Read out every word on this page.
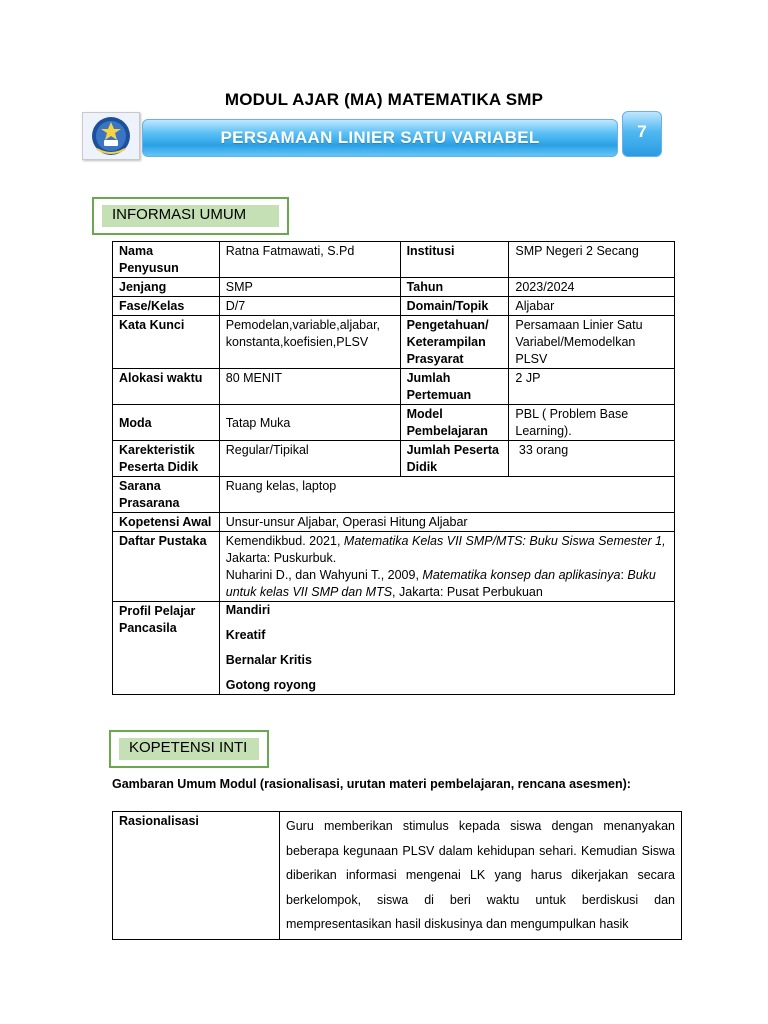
MODUL AJAR (MA) MATEMATIKA SMP
PERSAMAAN LINIER SATU VARIABEL	7
INFORMASI UMUM
Nama Penyusun	Ratna Fatmawati, S.Pd	Institusi	SMP Negeri 2 Secang
Jenjang	SMP	Tahun	2023/2024
Fase/Kelas	D/7	Domain/Topik	Aljabar
Kata Kunci	Pemodelan,variable,aljabar, konstanta,koefisien,PLSV	Pengetahuan/ Keterampilan Prasyarat	Persamaan Linier Satu Variabel/Memodelkan PLSV
Alokasi waktu	80 MENIT	Jumlah Pertemuan	2 JP
Moda	Tatap Muka	Model Pembelajaran	PBL ( Problem Base Learning).
Karekteristik Peserta Didik	Regular/Tipikal	Jumlah Peserta Didik	33 orang
Sarana Prasarana	Ruang kelas, laptop		
Kopetensi Awal	Unsur-unsur Aljabar, Operasi Hitung Aljabar		
Daftar Pustaka	Kemendikbud. 2021, Matematika Kelas VII SMP/MTS: Buku Siswa Semester 1, Jakarta: Puskurbuk.
Nuharini D., dan Wahyuni T., 2009, Matematika konsep dan aplikasinya: Buku untuk kelas VII SMP dan MTS, Jakarta: Pusat Perbukuan		
Profil Pelajar Pancasila	Mandiri
Kreatif
Bernalar Kritis
Gotong royong		
KOPETENSI INTI
Gambaran Umum Modul (rasionalisasi, urutan materi pembelajaran, rencana asesmen):
Rasionalisasi	Guru memberikan stimulus kepada siswa dengan menanyakan beberapa kegunaan PLSV dalam kehidupan sehari. Kemudian Siswa diberikan informasi mengenai LK yang harus dikerjakan secara berkelompok, siswa di beri waktu untuk berdiskusi dan mempresentasikan hasil diskusinya dan mengumpulkan hasik
